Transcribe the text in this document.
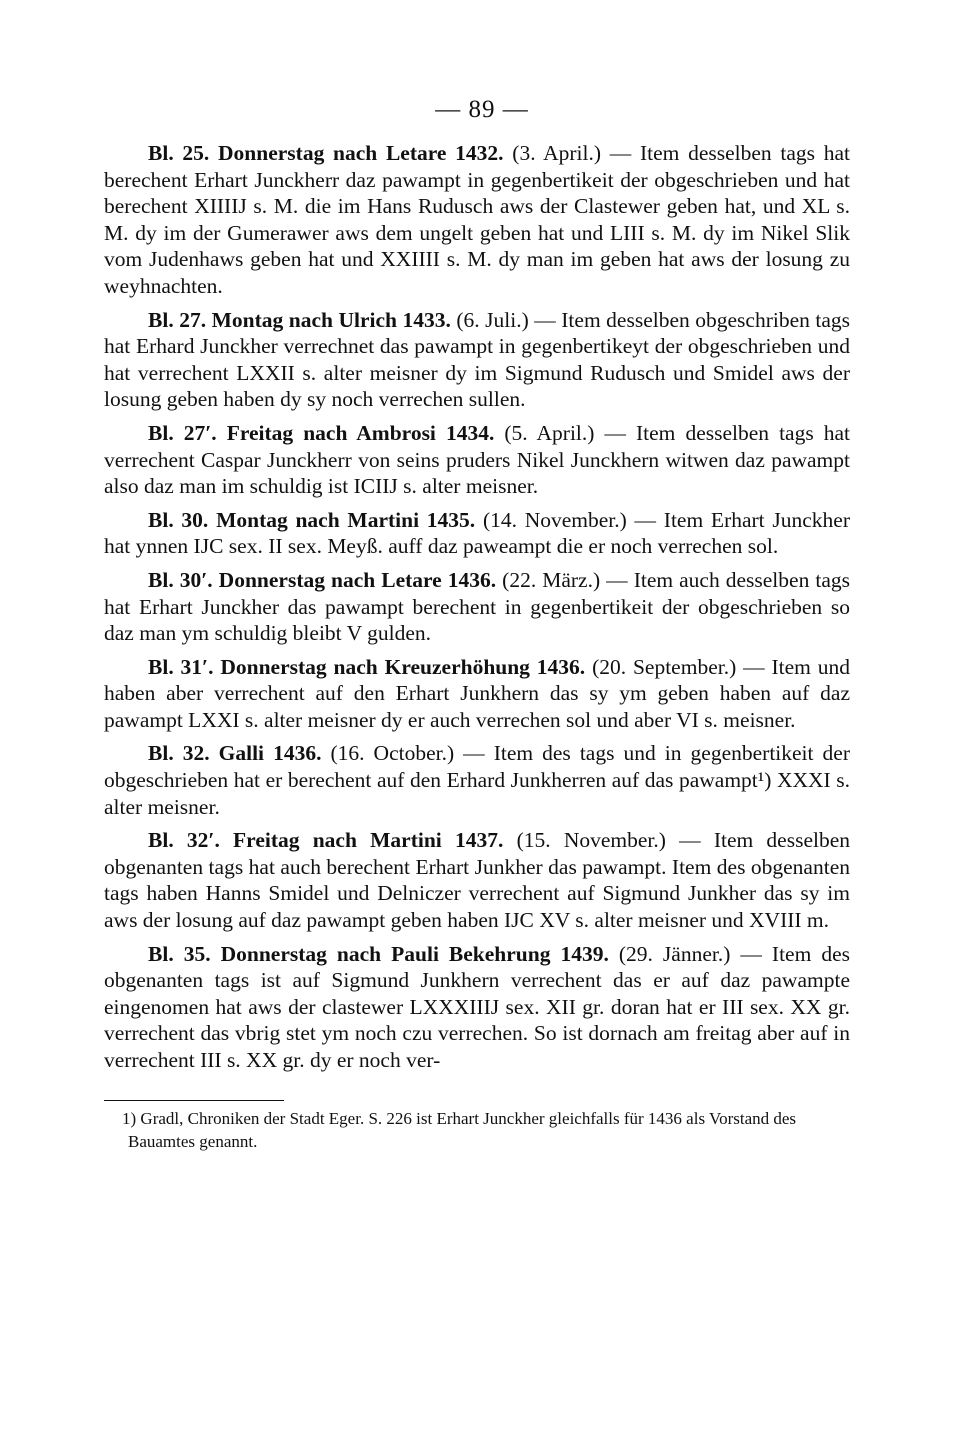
— 89 —

Bl. 25. Donnerstag nach Letare 1432. (3. April.) — Item desselben tags hat berechent Erhart Junckherr daz pawampt in gegenbertikeit der obgeschrieben und hat berechent XIIIIJ s. M. die im Hans Rudusch aws der Clastewer geben hat, und XL s. M. dy im der Gumerawer aws dem ungelt geben hat und LIII s. M. dy im Nikel Slik vom Judenhaws geben hat und XXIIII s. M. dy man im geben hat aws der losung zu weyhnachten.

Bl. 27. Montag nach Ulrich 1433. (6. Juli.) — Item desselben obgeschriben tags hat Erhard Junckher verrechnet das pawampt in gegenbertikeyt der obgeschrieben und hat verrechent LXXII s. alter meisner dy im Sigmund Rudusch und Smidel aws der losung geben haben dy sy noch verrechen sullen.

Bl. 27′. Freitag nach Ambrosi 1434. (5. April.) — Item desselben tags hat verrechent Caspar Junckherr von seins pruders Nikel Junckhern witwen daz pawampt also daz man im schuldig ist ICIIJ s. alter meisner.

Bl. 30. Montag nach Martini 1435. (14. November.) — Item Erhart Junckher hat ynnen IJC sex. II sex. Meyß. auff daz paweampt die er noch verrechen sol.

Bl. 30′. Donnerstag nach Letare 1436. (22. März.) — Item auch desselben tags hat Erhart Junckher das pawampt berechent in gegenbertikeit der obgeschrieben so daz man ym schuldig bleibt V gulden.

Bl. 31′. Donnerstag nach Kreuzerhöhung 1436. (20. September.) — Item und haben aber verrechent auf den Erhart Junkhern das sy ym geben haben auf daz pawampt LXXI s. alter meisner dy er auch verrechen sol und aber VI s. meisner.

Bl. 32. Galli 1436. (16. October.) — Item des tags und in gegenbertikeit der obgeschrieben hat er berechent auf den Erhard Junkherren auf das pawampt¹) XXXI s. alter meisner.

Bl. 32′. Freitag nach Martini 1437. (15. November.) — Item desselben obgenanten tags hat auch berechent Erhart Junkher das pawampt. Item des obgenanten tags haben Hanns Smidel und Delniczer verrechent auf Sigmund Junkher das sy im aws der losung auf daz pawampt geben haben IJC XV s. alter meisner und XVIII m.

Bl. 35. Donnerstag nach Pauli Bekehrung 1439. (29. Jänner.) — Item des obgenanten tags ist auf Sigmund Junkhern verrechent das er auf daz pawampte eingenomen hat aws der clastewer LXXXIIIJ sex. XII gr. doran hat er III sex. XX gr. verrechent das vbrig stet ym noch czu verrechen. So ist dornach am freitag aber auf in verrechent III s. XX gr. dy er noch ver-

1) Gradl, Chroniken der Stadt Eger. S. 226 ist Erhart Junckher gleichfalls für 1436 als Vorstand des Bauamtes genannt.
